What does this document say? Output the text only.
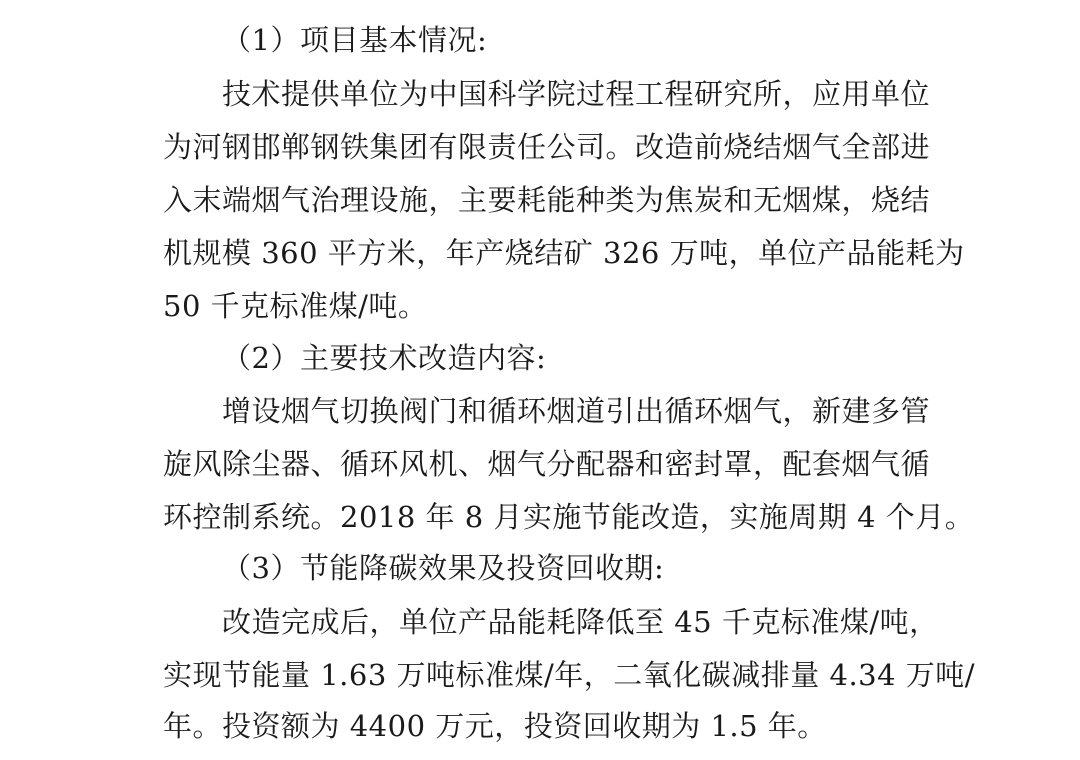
（1）项目基本情况:
技术提供单位为中国科学院过程工程研究所，应用单位
为河钢邯郸钢铁集团有限责任公司。改造前烧结烟气全部进
入末端烟气治理设施，主要耗能种类为焦炭和无烟煤，烧结
机规模 360 平方米，年产烧结矿 326 万吨，单位产品能耗为
50 千克标准煤/吨。
（2）主要技术改造内容:
增设烟气切换阀门和循环烟道引出循环烟气，新建多管
旋风除尘器、循环风机、烟气分配器和密封罩，配套烟气循
环控制系统。2018 年 8 月实施节能改造，实施周期 4 个月。
（3）节能降碳效果及投资回收期:
改造完成后，单位产品能耗降低至 45 千克标准煤/吨，
实现节能量 1.63 万吨标准煤/年，二氧化碳减排量 4.34 万吨/
年。投资额为 4400 万元，投资回收期为 1.5 年。
